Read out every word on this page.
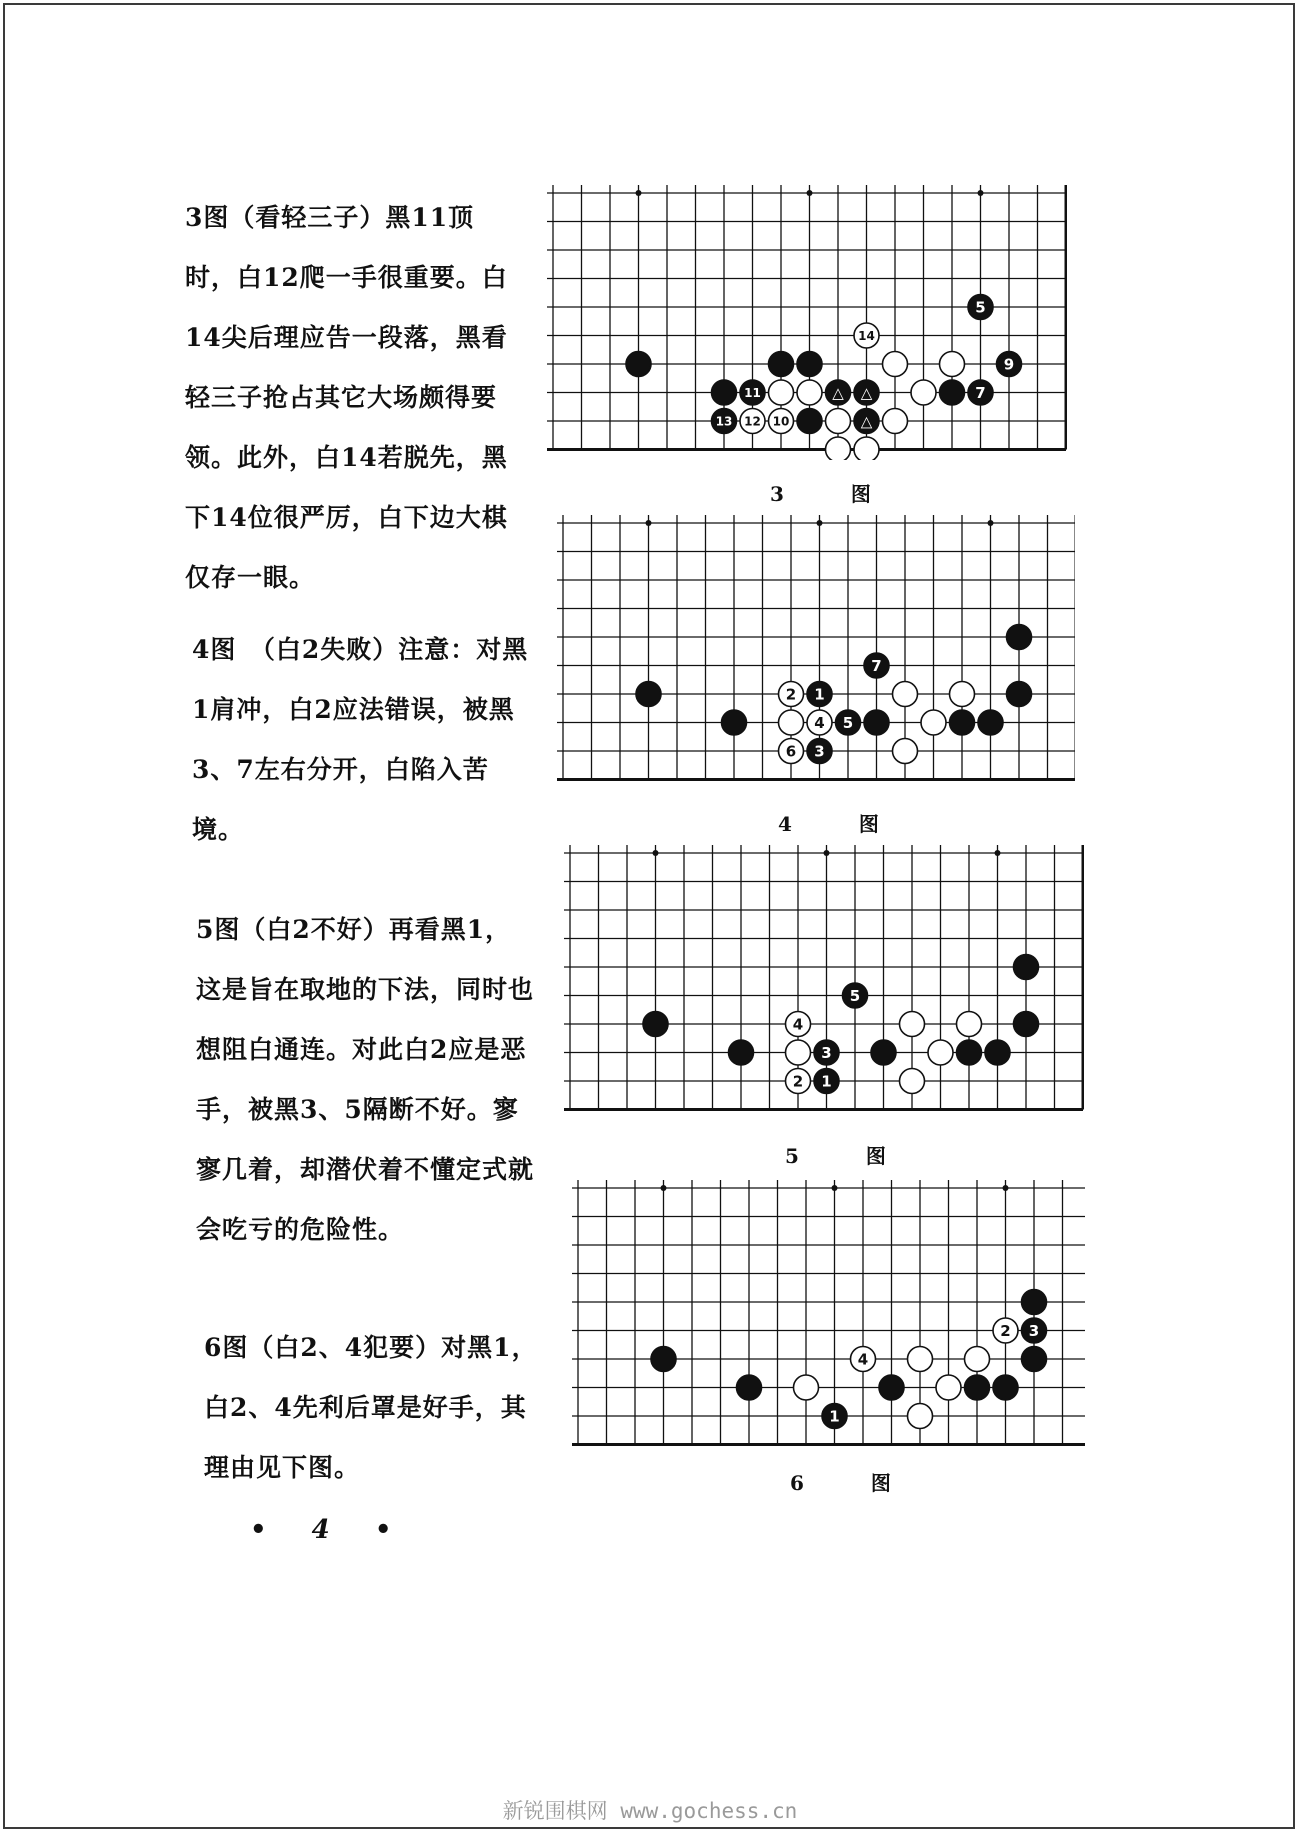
3图（看轻三子）黑11顶时，白12爬一手很重要。白14尖后理应告一段落，黑看轻三子抢占其它大场颇得要领。此外，白14若脱先，黑下14位很严厉，白下边大棋仅存一眼。

4图　（白2失败）注意：对黑1肩冲，白2应法错误，被黑3、7左右分开，白陷入苦境。

5图（白2不好）再看黑1，这是旨在取地的下法，同时也想阻白通连。对此白2应是恶手，被黑3、5隔断不好。寥寥几着，却潜伏着不懂定式就会吃亏的危险性。

6图（白2、4犯要）对黑1，白2、4先利后罩是好手，其理由见下图。

5
14
9
11	△ △	7
13 12 10	△
3 图
7
2 1
4 5
6 3
4 图
5
4
3
2 1
5 图
2 3
4
1
6 图
• 4 •
新锐围棋网 www.gochess.cn
